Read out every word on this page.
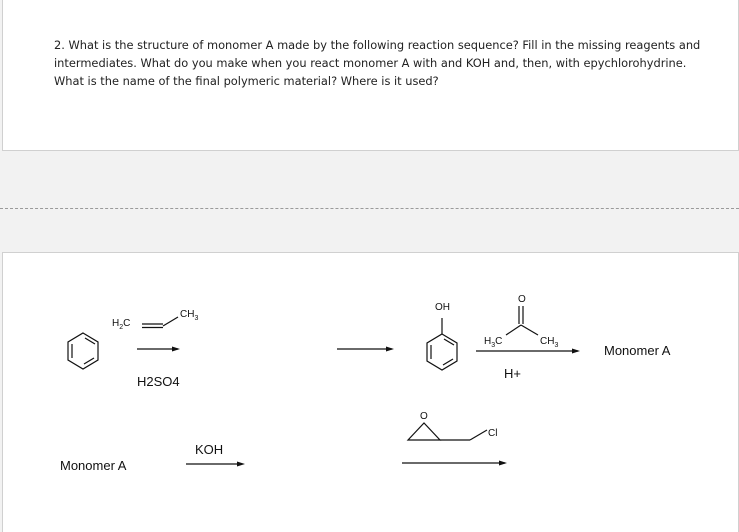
2. What is the structure of monomer A made by the following reaction sequence? Fill in the missing reagents and intermediates. What do you make when you react monomer A with and KOH and, then, with epychlorohydrine. What is the name of the final polymeric material? Where is it used?
$H_2C$
$CH_3$
H2SO4
OH
O
$H_3C$	$CH_3$
H+
Monomer A
Monomer A
KOH
O
Cl
